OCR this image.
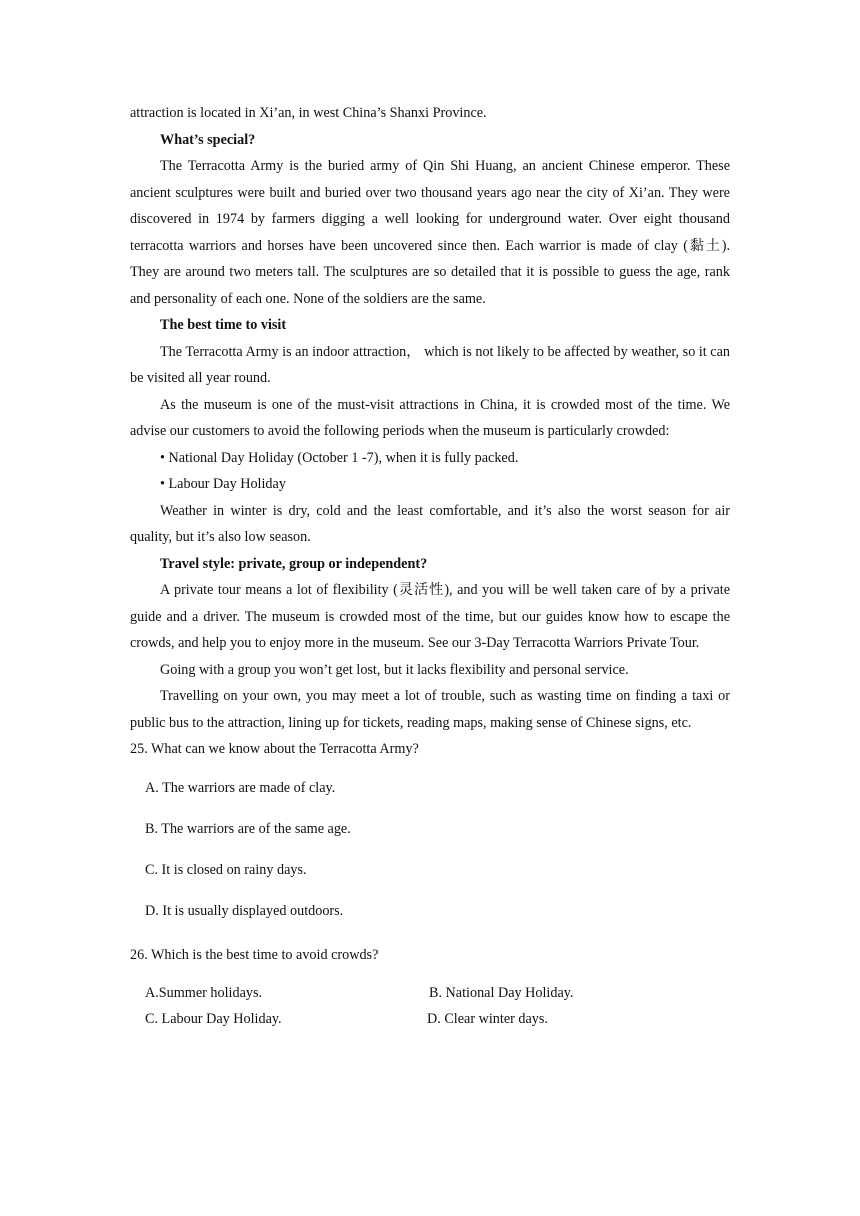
attraction is located in Xi’an, in west China’s Shanxi Province.

What’s special?

The Terracotta Army is the buried army of Qin Shi Huang, an ancient Chinese emperor. These ancient sculptures were built and buried over two thousand years ago near the city of Xi’an. They were discovered in 1974 by farmers digging a well looking for underground water. Over eight thousand terracotta warriors and horses have been uncovered since then. Each warrior is made of clay (黏土). They are around two meters tall. The sculptures are so detailed that it is possible to guess the age, rank and personality of each one. None of the soldiers are the same.

The best time to visit

The Terracotta Army is an indoor attraction， which is not likely to be affected by weather, so it can be visited all year round.

As the museum is one of the must-visit attractions in China, it is crowded most of the time. We advise our customers to avoid the following periods when the museum is particularly crowded:

• National Day Holiday (October 1 -7), when it is fully packed.

• Labour Day Holiday

Weather in winter is dry, cold and the least comfortable, and it’s also the worst season for air quality, but it’s also low season.

Travel style: private, group or independent?

A private tour means a lot of flexibility (灵活性), and you will be well taken care of by a private guide and a driver. The museum is crowded most of the time, but our guides know how to escape the crowds, and help you to enjoy more in the museum. See our 3-Day Terracotta Warriors Private Tour.

Going with a group you won’t get lost, but it lacks flexibility and personal service.

Travelling on your own, you may meet a lot of trouble, such as wasting time on finding a taxi or public bus to the attraction, lining up for tickets, reading maps, making sense of Chinese signs, etc.

25. What can we know about the Terracotta Army?

A. The warriors are made of clay.

B. The warriors are of the same age.

C. It is closed on rainy days.

D. It is usually displayed outdoors.

26. Which is the best time to avoid crowds?

A.Summer holidays.	B. National Day Holiday.
C. Labour Day Holiday.	D. Clear winter days.
